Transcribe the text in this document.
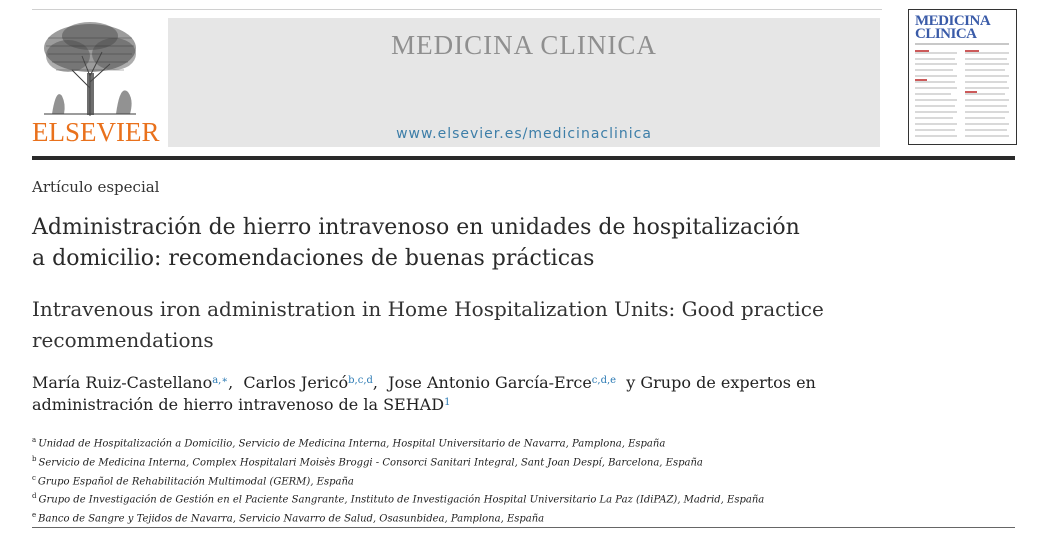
ELSEVIER
MEDICINA CLINICA
www.elsevier.es/medicinaclinica
MEDICINA
CLINICA
Artículo especial
Administración de hierro intravenoso en unidades de hospitalización
a domicilio: recomendaciones de buenas prácticas
Intravenous iron administration in Home Hospitalization Units: Good practice
recommendations
María Ruiz-Castellano$^{a,∗}$,  Carlos Jericó$^{b,c,d}$,  Jose Antonio García-Erce$^{c,d,e}$ y Grupo de expertos en
administración de hierro intravenoso de la SEHAD$^1$
$^a$ Unidad de Hospitalización a Domicilio, Servicio de Medicina Interna, Hospital Universitario de Navarra, Pamplona, España
$^b$ Servicio de Medicina Interna, Complex Hospitalari Moisès Broggi - Consorci Sanitari Integral, Sant Joan Despí, Barcelona, España
$^c$ Grupo Español de Rehabilitación Multimodal (GERM), España
$^d$ Grupo de Investigación de Gestión en el Paciente Sangrante, Instituto de Investigación Hospital Universitario La Paz (IdiPAZ), Madrid, España
$^e$ Banco de Sangre y Tejidos de Navarra, Servicio Navarro de Salud, Osasunbidea, Pamplona, España
